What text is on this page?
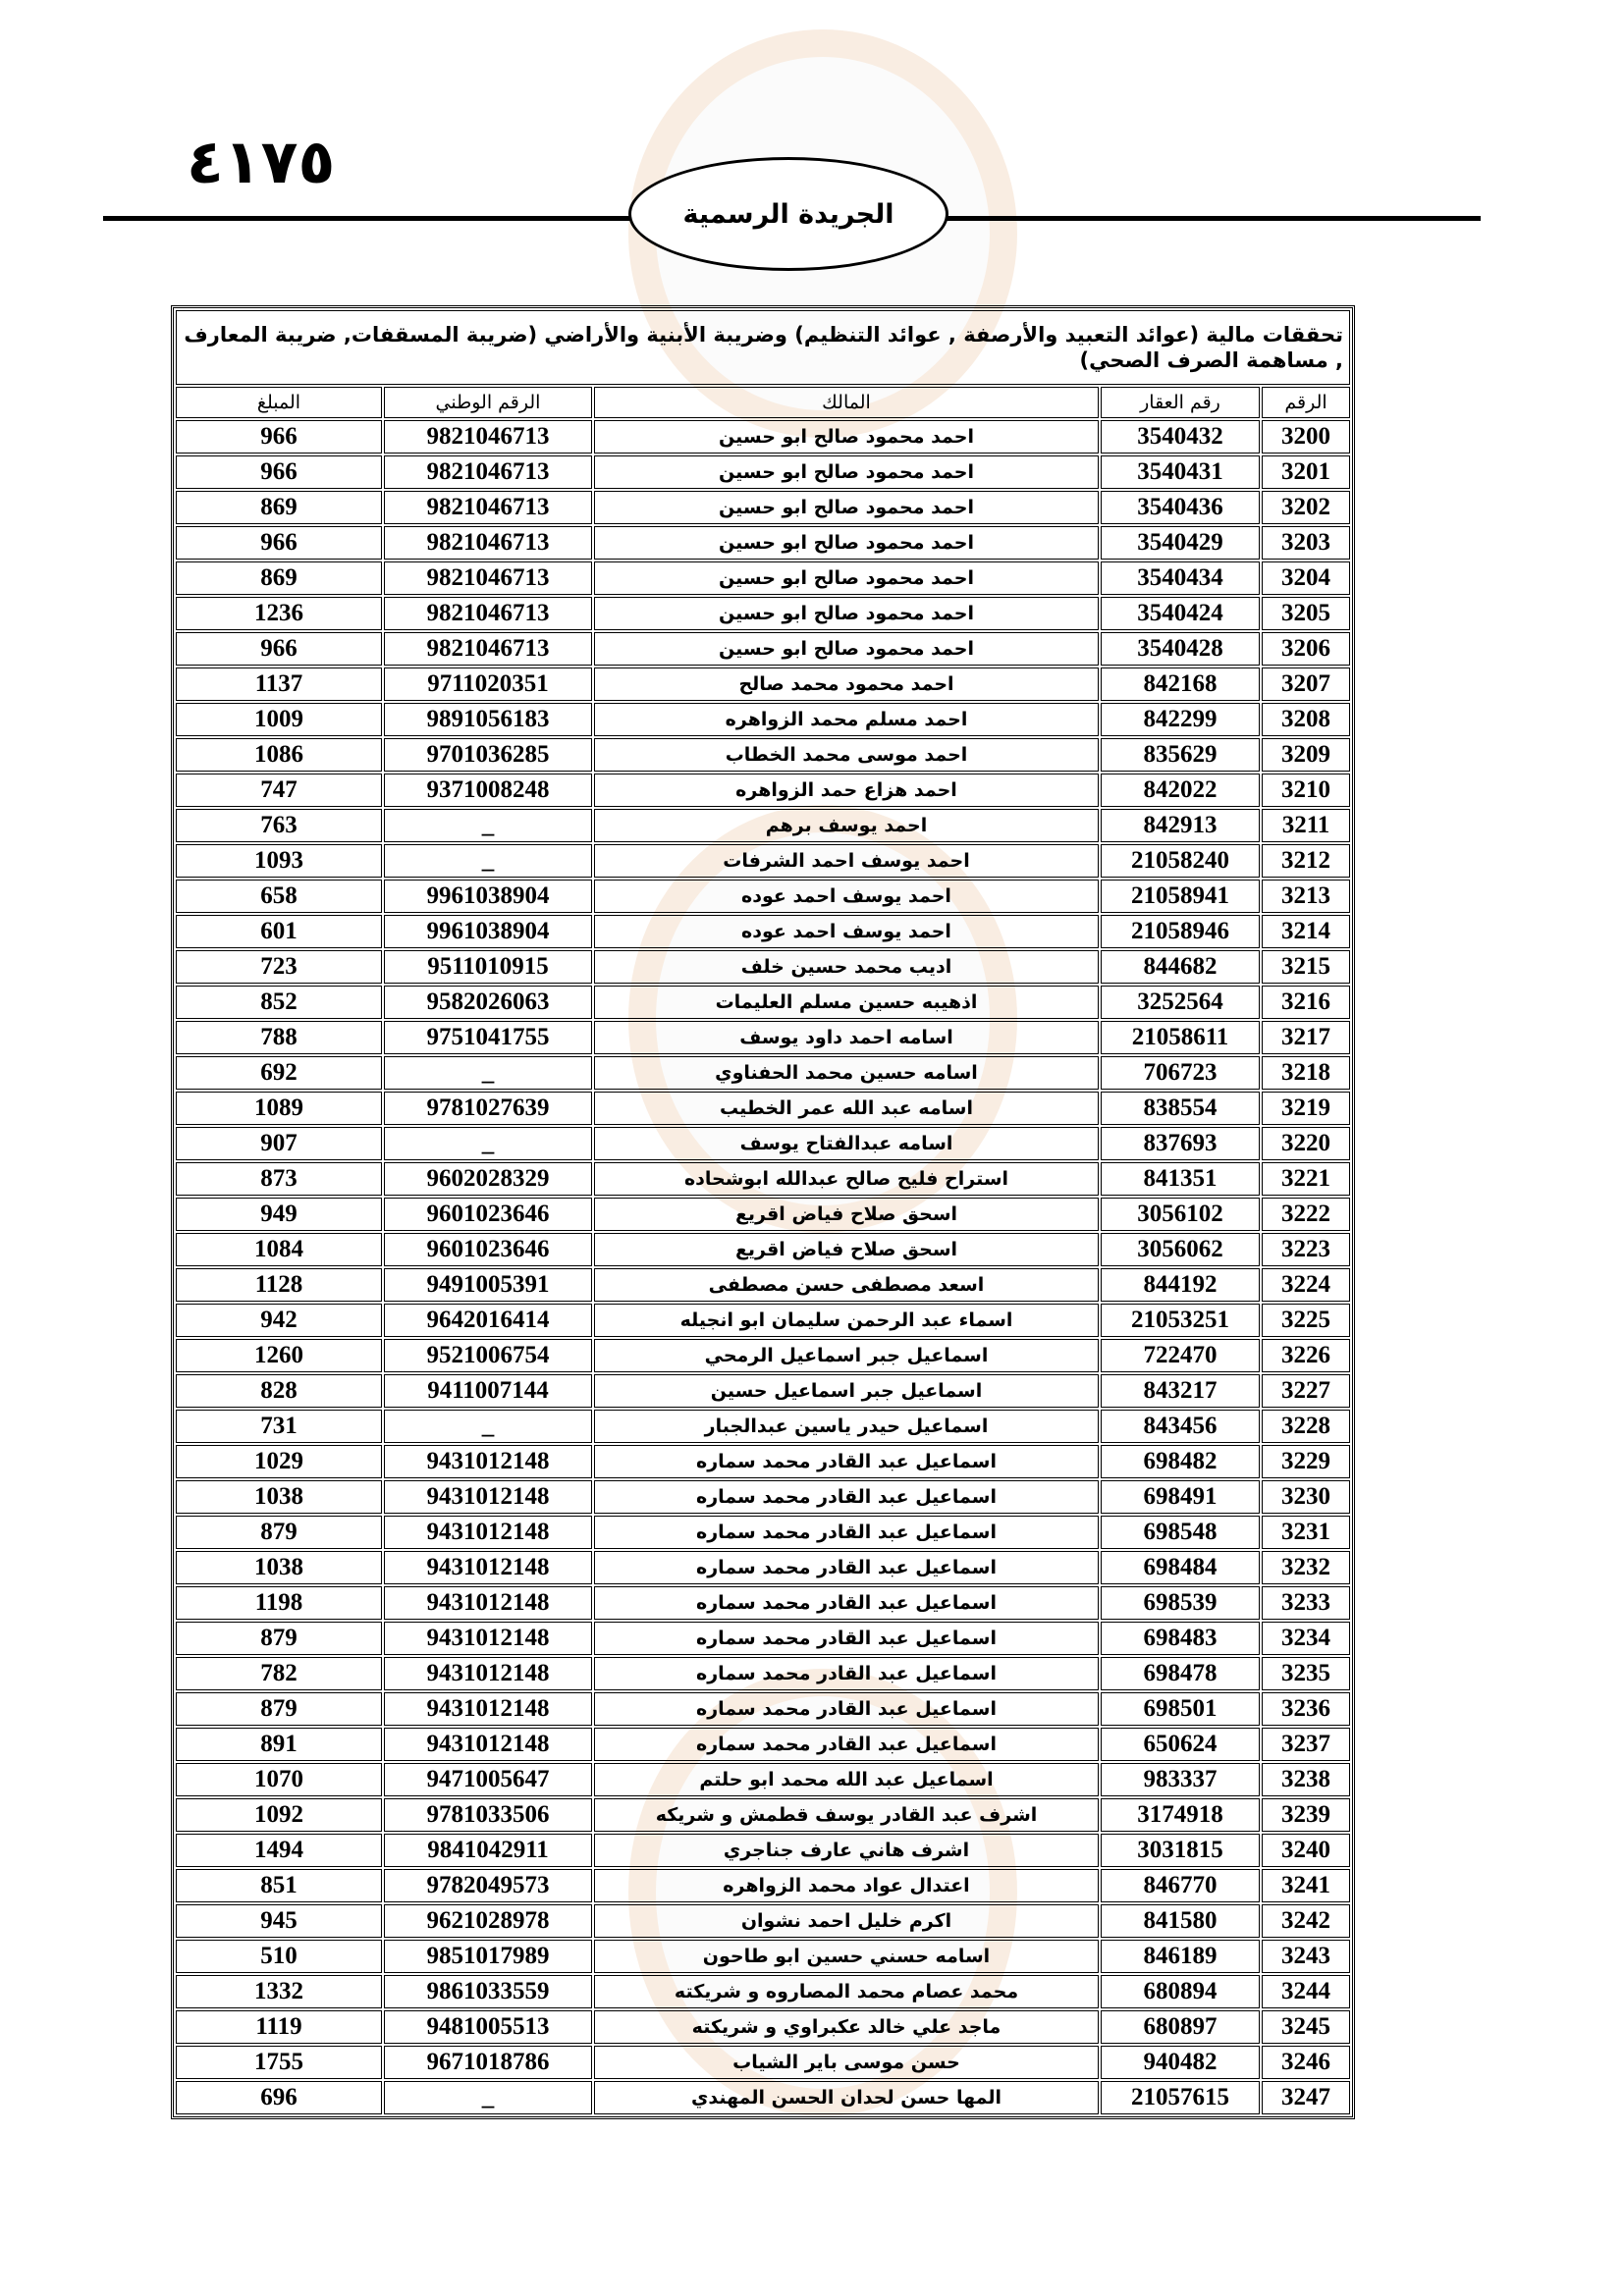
٤١٧٥
الجريدة الرسمية
تحققات مالية (عوائد التعبيد والأرصفة , عوائد التنظيم) وضريبة الأبنية والأراضي (ضريبة المسقفات, ضريبة المعارف , مساهمة الصرف الصحي)				
الرقم	رقم العقار	المالك	الرقم الوطني	المبلغ
3200	3540432	احمد محمود صالح ابو حسين	9821046713	966
3201	3540431	احمد محمود صالح ابو حسين	9821046713	966
3202	3540436	احمد محمود صالح ابو حسين	9821046713	869
3203	3540429	احمد محمود صالح ابو حسين	9821046713	966
3204	3540434	احمد محمود صالح ابو حسين	9821046713	869
3205	3540424	احمد محمود صالح ابو حسين	9821046713	1236
3206	3540428	احمد محمود صالح ابو حسين	9821046713	966
3207	842168	احمد محمود محمد صالح	9711020351	1137
3208	842299	احمد مسلم محمد الزواهره	9891056183	1009
3209	835629	احمد موسى محمد الخطاب	9701036285	1086
3210	842022	احمد هزاع حمد الزواهره	9371008248	747
3211	842913	احمد يوسف برهم	_	763
3212	21058240	احمد يوسف احمد الشرفات	_	1093
3213	21058941	احمد يوسف احمد عوده	9961038904	658
3214	21058946	احمد يوسف احمد عوده	9961038904	601
3215	844682	اديب محمد حسين خلف	9511010915	723
3216	3252564	اذهيبه حسين مسلم العليمات	9582026063	852
3217	21058611	اسامه احمد داود يوسف	9751041755	788
3218	706723	اسامه حسين محمد الحفناوي	_	692
3219	838554	اسامه عبد الله عمر الخطيب	9781027639	1089
3220	837693	اسامه عبدالفتاح يوسف	_	907
3221	841351	استراح فليح صالح عبدالله ابوشحاده	9602028329	873
3222	3056102	اسحق صلاح فياض اقريع	9601023646	949
3223	3056062	اسحق صلاح فياض اقريع	9601023646	1084
3224	844192	اسعد مصطفى حسن مصطفى	9491005391	1128
3225	21053251	اسماء عبد الرحمن سليمان ابو انجيله	9642016414	942
3226	722470	اسماعيل جبر اسماعيل الرمحي	9521006754	1260
3227	843217	اسماعيل جبر اسماعيل حسين	9411007144	828
3228	843456	اسماعيل حيدر ياسين عبدالجبار	_	731
3229	698482	اسماعيل عبد القادر محمد سماره	9431012148	1029
3230	698491	اسماعيل عبد القادر محمد سماره	9431012148	1038
3231	698548	اسماعيل عبد القادر محمد سماره	9431012148	879
3232	698484	اسماعيل عبد القادر محمد سماره	9431012148	1038
3233	698539	اسماعيل عبد القادر محمد سماره	9431012148	1198
3234	698483	اسماعيل عبد القادر محمد سماره	9431012148	879
3235	698478	اسماعيل عبد القادر محمد سماره	9431012148	782
3236	698501	اسماعيل عبد القادر محمد سماره	9431012148	879
3237	650624	اسماعيل عبد القادر محمد سماره	9431012148	891
3238	983337	اسماعيل عبد الله محمد ابو حلتم	9471005647	1070
3239	3174918	اشرف عبد القادر يوسف قطمش و شريكه	9781033506	1092
3240	3031815	اشرف هاني عارف جناجري	9841042911	1494
3241	846770	اعتدال عواد محمد الزواهره	9782049573	851
3242	841580	اكرم خليل احمد نشوان	9621028978	945
3243	846189	اسامه حسني حسين ابو طاحون	9851017989	510
3244	680894	محمد عصام محمد المصاروه و شريكته	9861033559	1332
3245	680897	ماجد علي خالد عكبراوي و شريكته	9481005513	1119
3246	940482	حسن موسى باير الشياب	9671018786	1755
3247	21057615	المها حسن لحدان الحسن المهندي	_	696
